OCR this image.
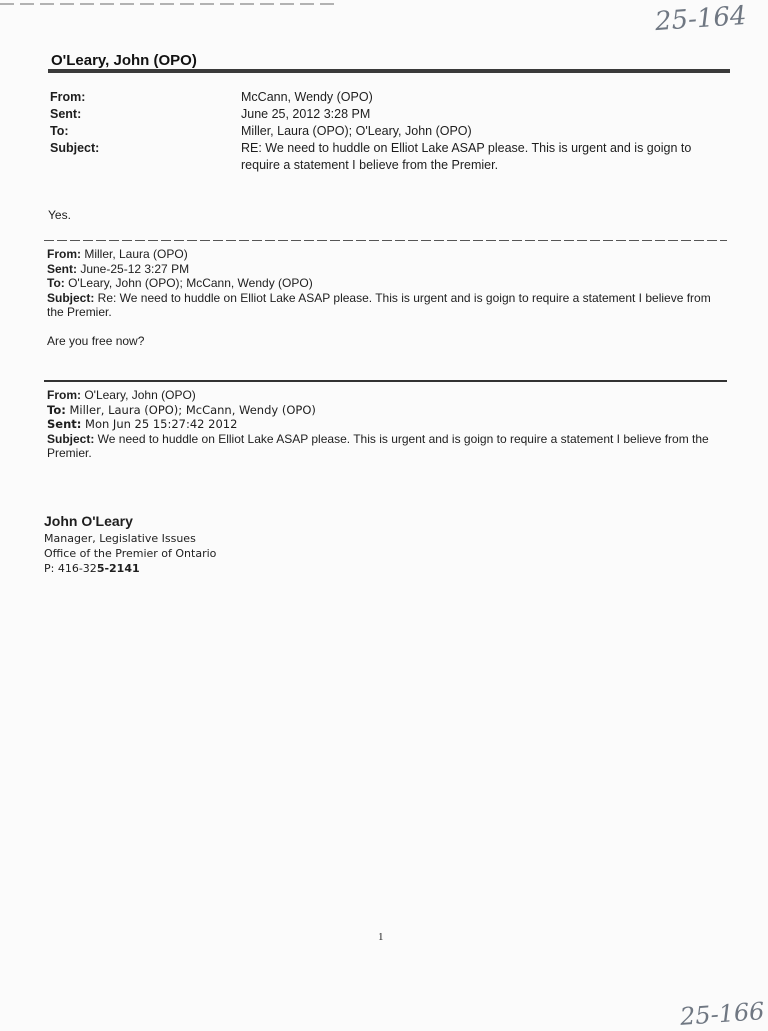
25-164
O'Leary, John (OPO)
From:	McCann, Wendy (OPO)
Sent:	June 25, 2012 3:28 PM
To:	Miller, Laura (OPO); O'Leary, John (OPO)
Subject:	RE: We need to huddle on Elliot Lake ASAP please. This is urgent and is goign to require a statement I believe from the Premier.
Yes.
From: Miller, Laura (OPO)
Sent: June-25-12 3:27 PM
To: O'Leary, John (OPO); McCann, Wendy (OPO)
Subject: Re: We need to huddle on Elliot Lake ASAP please. This is urgent and is goign to require a statement I believe from the Premier.
Are you free now?
From: O'Leary, John (OPO)
To: Miller, Laura (OPO); McCann, Wendy (OPO)
Sent: Mon Jun 25 15:27:42 2012
Subject: We need to huddle on Elliot Lake ASAP please. This is urgent and is goign to require a statement I believe from the Premier.
John O'Leary
Manager, Legislative Issues
Office of the Premier of Ontario
P: 416-325-2141
1
25-166
